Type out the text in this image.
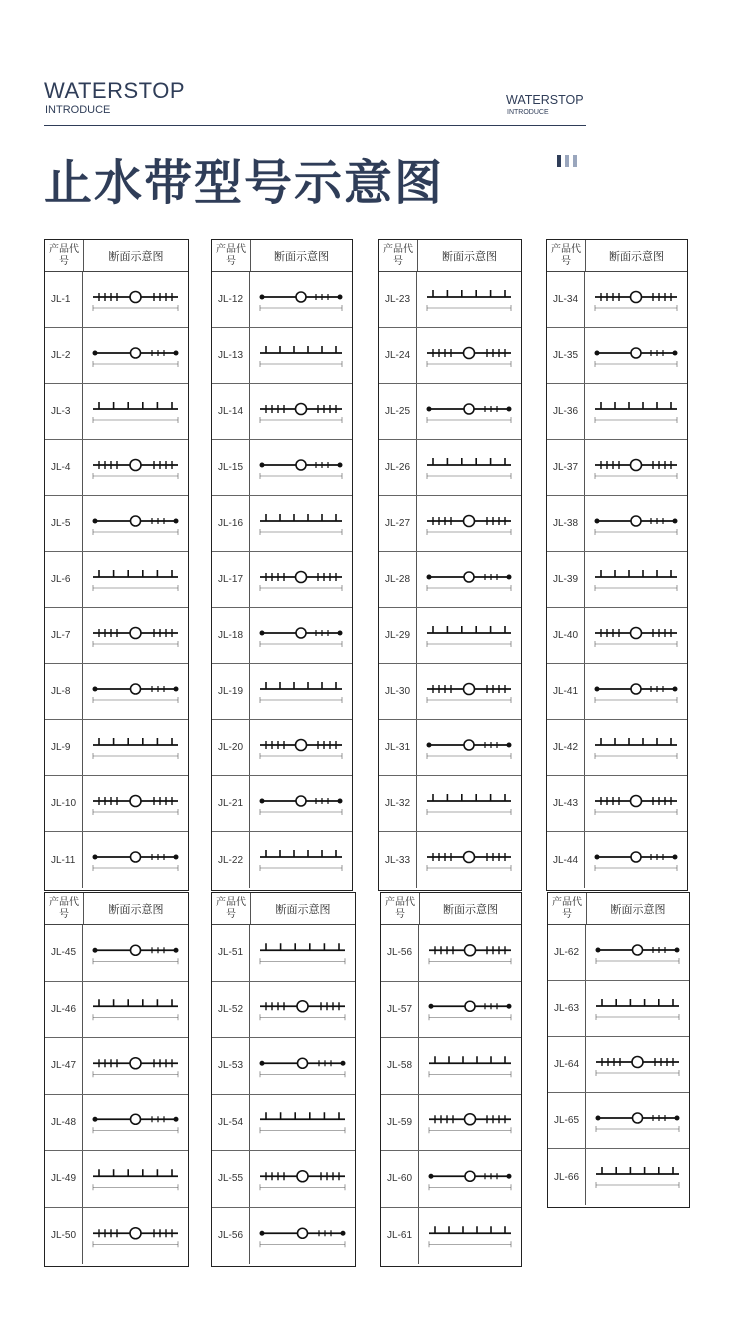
WATERSTOP
INTRODUCE
WATERSTOP
INTRODUCE
止水带型号示意图
产品代号	断面示意图
JL-1
JL-2
JL-3
JL-4
JL-5
JL-6
JL-7
JL-8
JL-9
JL-10
JL-11
产品代号	断面示意图
JL-12
JL-13
JL-14
JL-15
JL-16
JL-17
JL-18
JL-19
JL-20
JL-21
JL-22
产品代号	断面示意图
JL-23
JL-24
JL-25
JL-26
JL-27
JL-28
JL-29
JL-30
JL-31
JL-32
JL-33
产品代号	断面示意图
JL-34
JL-35
JL-36
JL-37
JL-38
JL-39
JL-40
JL-41
JL-42
JL-43
JL-44
产品代号	断面示意图
JL-45
JL-46
JL-47
JL-48
JL-49
JL-50
产品代号	断面示意图
JL-51
JL-52
JL-53
JL-54
JL-55
JL-56
产品代号	断面示意图
JL-56
JL-57
JL-58
JL-59
JL-60
JL-61
产品代号	断面示意图
JL-62
JL-63
JL-64
JL-65
JL-66
